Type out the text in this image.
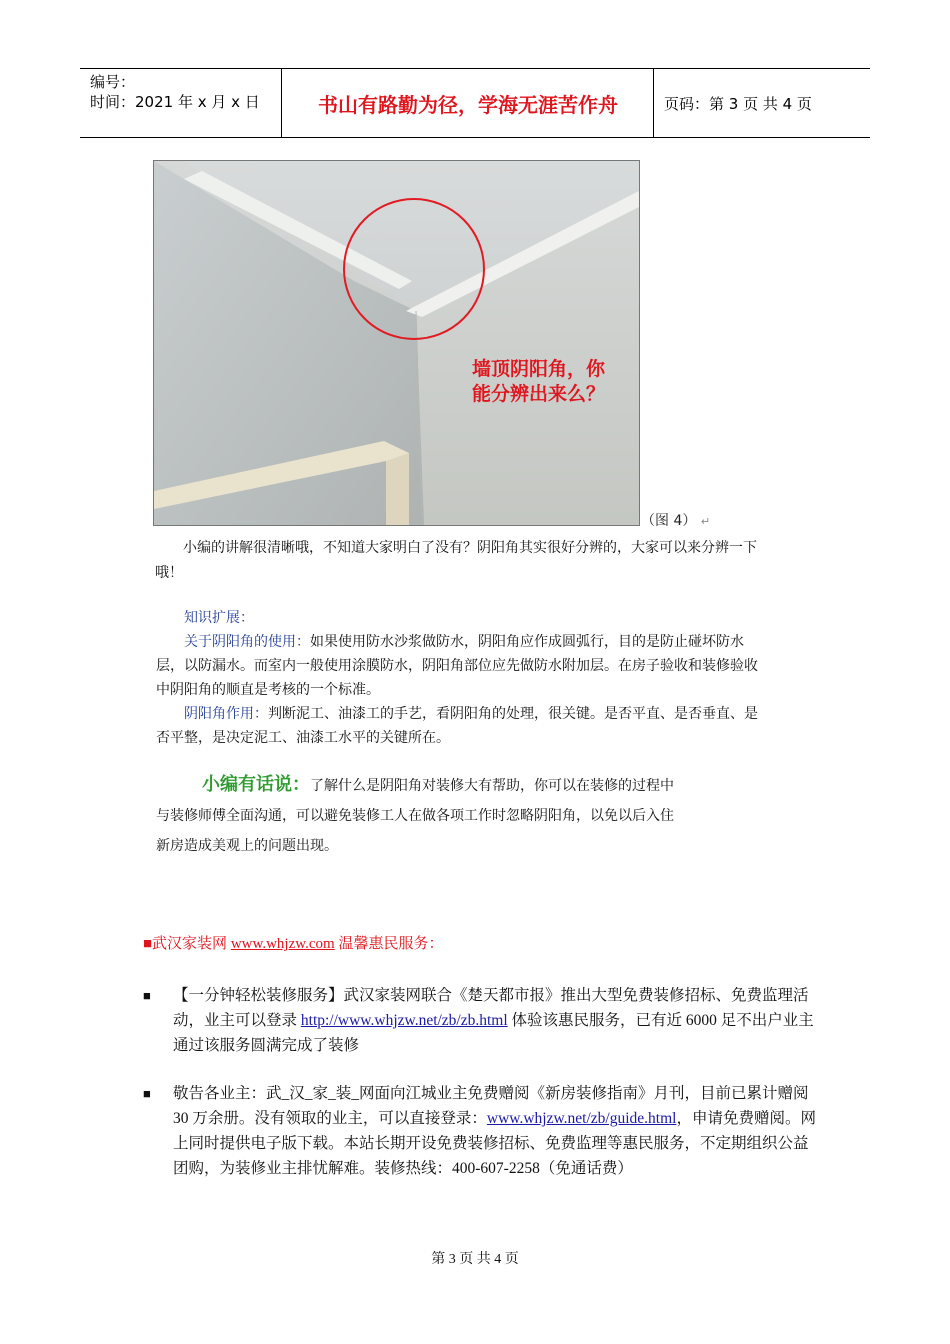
编号：
时间：2021 年 x 月 x 日	书山有路勤为径，学海无涯苦作舟	页码：第 3 页 共 4 页
墙顶阴阳角，你
能分辨出来么？
（图 4） ↵
小编的讲解很清晰哦，不知道大家明白了没有？阴阳角其实很好分辨的，大家可以来分辨一下哦！
知识扩展：
关于阴阳角的使用：如果使用防水沙浆做防水，阴阳角应作成圆弧行，目的是防止碰坏防水层，以防漏水。而室内一般使用涂膜防水，阴阳角部位应先做防水附加层。在房子验收和装修验收中阴阳角的顺直是考核的一个标准。
阴阳角作用：判断泥工、油漆工的手艺，看阴阳角的处理，很关键。是否平直、是否垂直、是否平整，是决定泥工、油漆工水平的关键所在。
小编有话说：了解什么是阴阳角对装修大有帮助，你可以在装修的过程中
与装修师傅全面沟通，可以避免装修工人在做各项工作时忽略阴阳角，以免以后入住
新房造成美观上的问题出现。
■武汉家装网 www.whjzw.com 温馨惠民服务：
■ 【一分钟轻松装修服务】武汉家装网联合《楚天都市报》推出大型免费装修招标、免费监理活动，业主可以登录 http://www.whjzw.net/zb/zb.html 体验该惠民服务，已有近 6000 足不出户业主通过该服务圆满完成了装修
■ 敬告各业主：武_汉_家_装_网面向江城业主免费赠阅《新房装修指南》月刊，目前已累计赠阅 30 万余册。没有领取的业主，可以直接登录：www.whjzw.net/zb/guide.html，申请免费赠阅。网上同时提供电子版下载。本站长期开设免费装修招标、免费监理等惠民服务，不定期组织公益团购，为装修业主排忧解难。装修热线：400-607-2258（免通话费）
第 3 页 共 4 页
